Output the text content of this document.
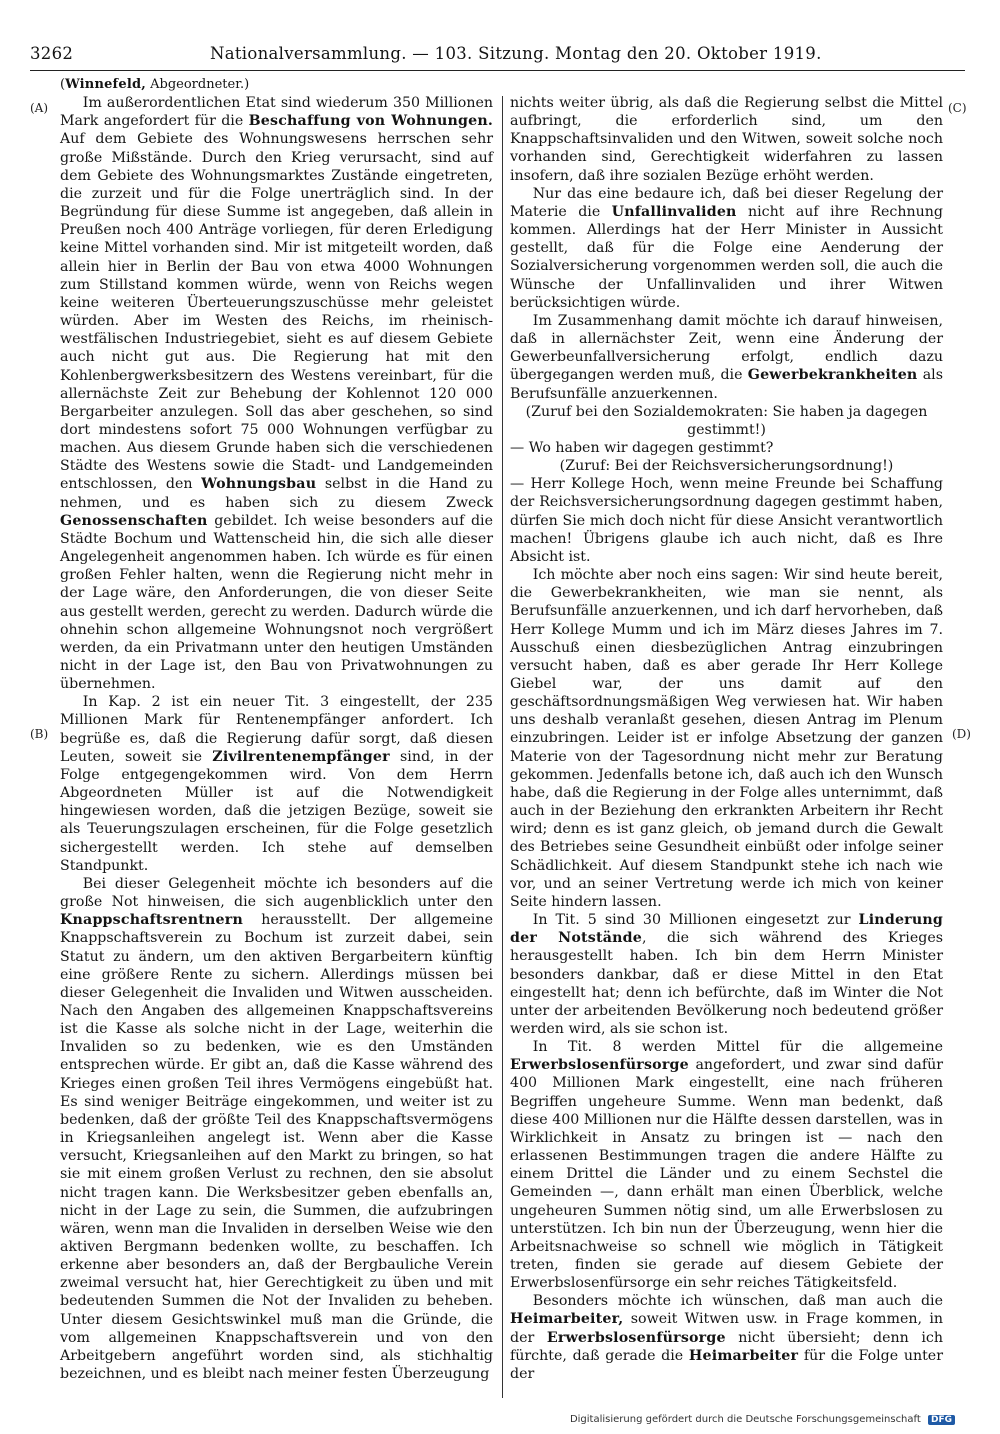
3262	Nationalversammlung. — 103. Sitzung. Montag den 20. Oktober 1919.
(A)
(B)
(C)
(D)

(Winnefeld, Abgeordneter.)

Im außerordentlichen Etat sind wiederum 350 Millionen Mark angefordert für die Beschaffung von Wohnungen. Auf dem Gebiete des Wohnungswesens herrschen sehr große Mißstände. Durch den Krieg verursacht, sind auf dem Gebiete des Wohnungsmarktes Zustände eingetreten, die zurzeit und für die Folge unerträglich sind. In der Begründung für diese Summe ist angegeben, daß allein in Preußen noch 400 Anträge vorliegen, für deren Erledigung keine Mittel vorhanden sind. Mir ist mitgeteilt worden, daß allein hier in Berlin der Bau von etwa 4000 Wohnungen zum Stillstand kommen würde, wenn von Reichs wegen keine weiteren Überteuerungszuschüsse mehr geleistet würden. Aber im Westen des Reichs, im rheinisch-westfälischen Industriegebiet, sieht es auf diesem Gebiete auch nicht gut aus. Die Regierung hat mit den Kohlenbergwerksbesitzern des Westens vereinbart, für die allernächste Zeit zur Behebung der Kohlennot 120 000 Bergarbeiter anzulegen. Soll das aber geschehen, so sind dort mindestens sofort 75 000 Wohnungen verfügbar zu machen. Aus diesem Grunde haben sich die verschiedenen Städte des Westens sowie die Stadt- und Landgemeinden entschlossen, den Wohnungsbau selbst in die Hand zu nehmen, und es haben sich zu diesem Zweck Genossenschaften gebildet. Ich weise besonders auf die Städte Bochum und Wattenscheid hin, die sich alle dieser Angelegenheit angenommen haben. Ich würde es für einen großen Fehler halten, wenn die Regierung nicht mehr in der Lage wäre, den Anforderungen, die von dieser Seite aus gestellt werden, gerecht zu werden. Dadurch würde die ohnehin schon allgemeine Wohnungsnot noch vergrößert werden, da ein Privatmann unter den heutigen Umständen nicht in der Lage ist, den Bau von Privatwohnungen zu übernehmen.

In Kap. 2 ist ein neuer Tit. 3 eingestellt, der 235 Millionen Mark für Rentenempfänger anfordert. Ich begrüße es, daß die Regierung dafür sorgt, daß diesen Leuten, soweit sie Zivilrentenempfänger sind, in der Folge entgegengekommen wird. Von dem Herrn Abgeordneten Müller ist auf die Notwendigkeit hingewiesen worden, daß die jetzigen Bezüge, soweit sie als Teuerungszulagen erscheinen, für die Folge gesetzlich sichergestellt werden. Ich stehe auf demselben Standpunkt.

Bei dieser Gelegenheit möchte ich besonders auf die große Not hinweisen, die sich augenblicklich unter den Knappschaftsrentnern herausstellt. Der allgemeine Knappschaftsverein zu Bochum ist zurzeit dabei, sein Statut zu ändern, um den aktiven Bergarbeitern künftig eine größere Rente zu sichern. Allerdings müssen bei dieser Gelegenheit die Invaliden und Witwen ausscheiden. Nach den Angaben des allgemeinen Knappschaftsvereins ist die Kasse als solche nicht in der Lage, weiterhin die Invaliden so zu bedenken, wie es den Umständen entsprechen würde. Er gibt an, daß die Kasse während des Krieges einen großen Teil ihres Vermögens eingebüßt hat. Es sind weniger Beiträge eingekommen, und weiter ist zu bedenken, daß der größte Teil des Knappschaftsvermögens in Kriegsanleihen angelegt ist. Wenn aber die Kasse versucht, Kriegsanleihen auf den Markt zu bringen, so hat sie mit einem großen Verlust zu rechnen, den sie absolut nicht tragen kann. Die Werksbesitzer geben ebenfalls an, nicht in der Lage zu sein, die Summen, die aufzubringen wären, wenn man die Invaliden in derselben Weise wie den aktiven Bergmann bedenken wollte, zu beschaffen. Ich erkenne aber besonders an, daß der Bergbauliche Verein zweimal versucht hat, hier Gerechtigkeit zu üben und mit bedeutenden Summen die Not der Invaliden zu beheben. Unter diesem Gesichtswinkel muß man die Gründe, die vom allgemeinen Knappschaftsverein und von den Arbeitgebern angeführt worden sind, als stichhaltig bezeichnen, und es bleibt nach meiner festen Überzeugung

nichts weiter übrig, als daß die Regierung selbst die Mittel aufbringt, die erforderlich sind, um den Knappschaftsinvaliden und den Witwen, soweit solche noch vorhanden sind, Gerechtigkeit widerfahren zu lassen insofern, daß ihre sozialen Bezüge erhöht werden.

Nur das eine bedaure ich, daß bei dieser Regelung der Materie die Unfallinvaliden nicht auf ihre Rechnung kommen. Allerdings hat der Herr Minister in Aussicht gestellt, daß für die Folge eine Aenderung der Sozialversicherung vorgenommen werden soll, die auch die Wünsche der Unfallinvaliden und ihrer Witwen berücksichtigen würde.

Im Zusammenhang damit möchte ich darauf hinweisen, daß in allernächster Zeit, wenn eine Änderung der Gewerbeunfallversicherung erfolgt, endlich dazu übergegangen werden muß, die Gewerbekrankheiten als Berufsunfälle anzuerkennen.

(Zuruf bei den Sozialdemokraten: Sie haben ja dagegen gestimmt!)

— Wo haben wir dagegen gestimmt?

(Zuruf: Bei der Reichsversicherungsordnung!)

— Herr Kollege Hoch, wenn meine Freunde bei Schaffung der Reichsversicherungsordnung dagegen gestimmt haben, dürfen Sie mich doch nicht für diese Ansicht verantwortlich machen! Übrigens glaube ich auch nicht, daß es Ihre Absicht ist.

Ich möchte aber noch eins sagen: Wir sind heute bereit, die Gewerbekrankheiten, wie man sie nennt, als Berufsunfälle anzuerkennen, und ich darf hervorheben, daß Herr Kollege Mumm und ich im März dieses Jahres im 7. Ausschuß einen diesbezüglichen Antrag einzubringen versucht haben, daß es aber gerade Ihr Herr Kollege Giebel war, der uns damit auf den geschäftsordnungsmäßigen Weg verwiesen hat. Wir haben uns deshalb veranlaßt gesehen, diesen Antrag im Plenum einzubringen. Leider ist er infolge Absetzung der ganzen Materie von der Tagesordnung nicht mehr zur Beratung gekommen. Jedenfalls betone ich, daß auch ich den Wunsch habe, daß die Regierung in der Folge alles unternimmt, daß auch in der Beziehung den erkrankten Arbeitern ihr Recht wird; denn es ist ganz gleich, ob jemand durch die Gewalt des Betriebes seine Gesundheit einbüßt oder infolge seiner Schädlichkeit. Auf diesem Standpunkt stehe ich nach wie vor, und an seiner Vertretung werde ich mich von keiner Seite hindern lassen.

In Tit. 5 sind 30 Millionen eingesetzt zur Linderung der Notstände, die sich während des Krieges herausgestellt haben. Ich bin dem Herrn Minister besonders dankbar, daß er diese Mittel in den Etat eingestellt hat; denn ich befürchte, daß im Winter die Not unter der arbeitenden Bevölkerung noch bedeutend größer werden wird, als sie schon ist.

In Tit. 8 werden Mittel für die allgemeine Erwerbslosenfürsorge angefordert, und zwar sind dafür 400 Millionen Mark eingestellt, eine nach früheren Begriffen ungeheure Summe. Wenn man bedenkt, daß diese 400 Millionen nur die Hälfte dessen darstellen, was in Wirklichkeit in Ansatz zu bringen ist — nach den erlassenen Bestimmungen tragen die andere Hälfte zu einem Drittel die Länder und zu einem Sechstel die Gemeinden —, dann erhält man einen Überblick, welche ungeheuren Summen nötig sind, um alle Erwerbslosen zu unterstützen. Ich bin nun der Überzeugung, wenn hier die Arbeitsnachweise so schnell wie möglich in Tätigkeit treten, finden sie gerade auf diesem Gebiete der Erwerbslosenfürsorge ein sehr reiches Tätigkeitsfeld.

Besonders möchte ich wünschen, daß man auch die Heimarbeiter, soweit Witwen usw. in Frage kommen, in der Erwerbslosenfürsorge nicht übersieht; denn ich fürchte, daß gerade die Heimarbeiter für die Folge unter der

Digitalisierung gefördert durch die Deutsche Forschungsgemeinschaft DFG
